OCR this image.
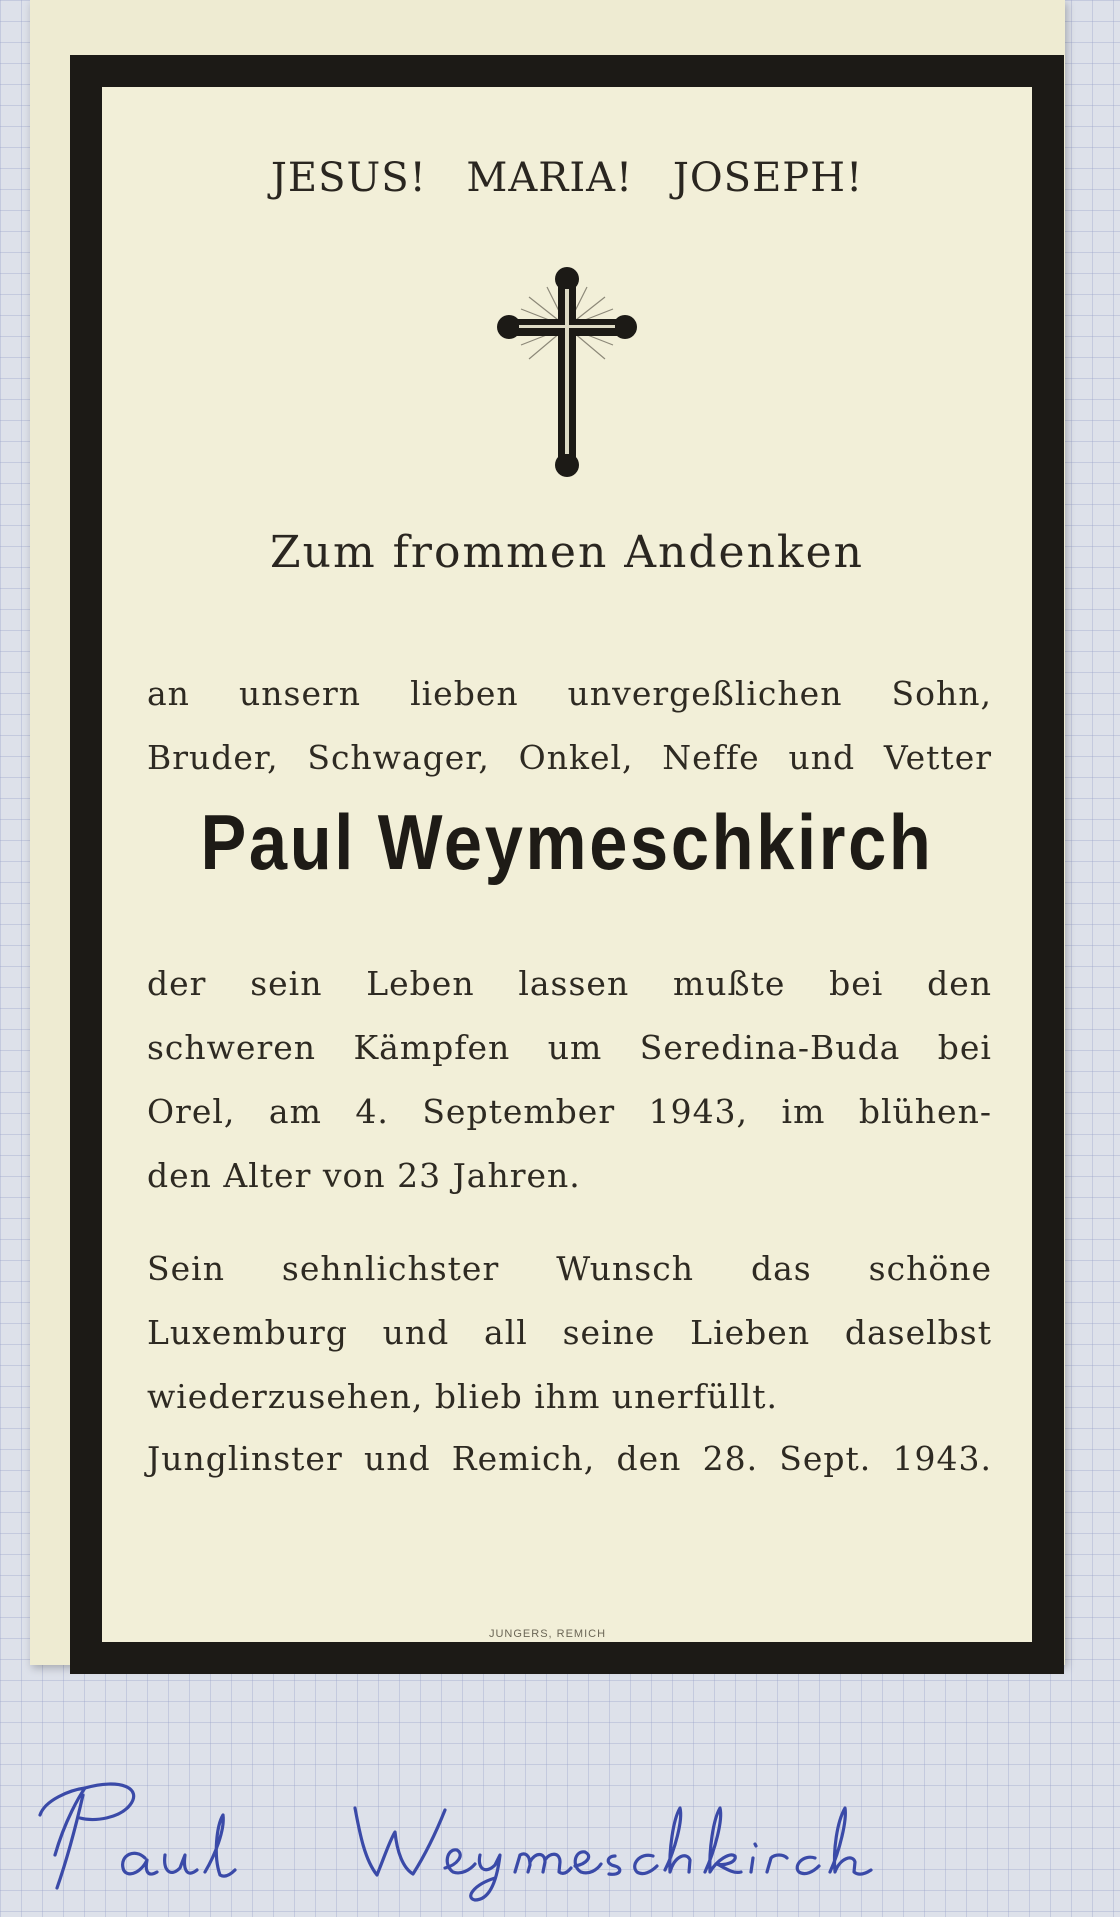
JESUS! MARIA! JOSEPH!
Zum frommen Andenken
an unsern lieben unvergeßlichen Sohn,
Bruder, Schwager, Onkel, Neffe und Vetter
Paul Weymeschkirch
der sein Leben lassen mußte bei den
schweren Kämpfen um Seredina-Buda bei
Orel, am 4. September 1943, im blühen-
den Alter von 23 Jahren.
Sein sehnlichster Wunsch das schöne
Luxemburg und all seine Lieben daselbst
wiederzusehen, blieb ihm unerfüllt.
Junglinster und Remich, den 28. Sept. 1943.
JUNGERS, REMICH
